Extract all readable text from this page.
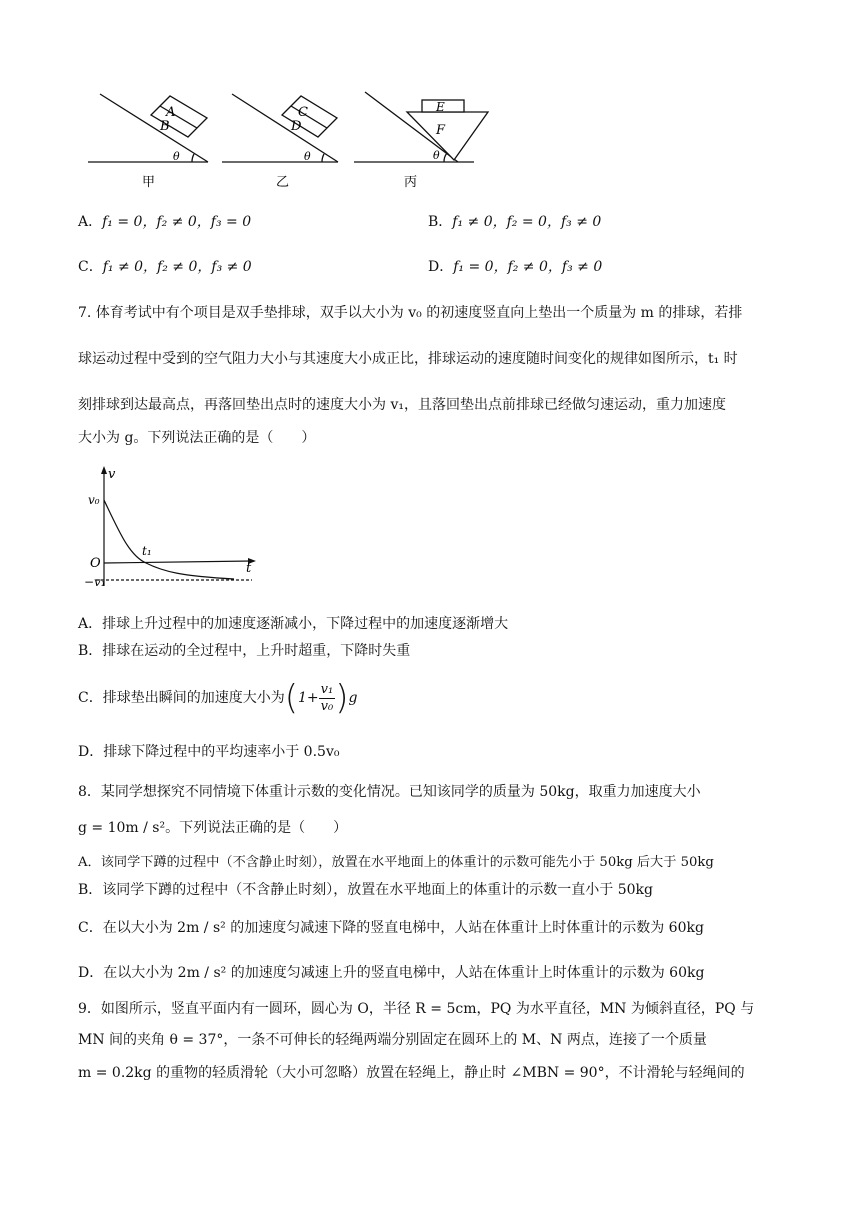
A
B
θ
C
D
θ
E
F
θ
甲	乙	丙
A．f₁ = 0，f₂ ≠ 0，f₃ = 0	B．f₁ ≠ 0，f₂ = 0，f₃ ≠ 0
C．f₁ ≠ 0，f₂ ≠ 0，f₃ ≠ 0	D．f₁ = 0，f₂ ≠ 0，f₃ ≠ 0
7. 体育考试中有个项目是双手垫排球，双手以大小为 v₀ 的初速度竖直向上垫出一个质量为 m 的排球，若排
球运动过程中受到的空气阻力大小与其速度大小成正比，排球运动的速度随时间变化的规律如图所示，t₁ 时
刻排球到达最高点，再落回垫出点时的速度大小为 v₁，且落回垫出点前排球已经做匀速运动，重力加速度
大小为 g。下列说法正确的是（　　）
v
t
v₀
O
t₁
−v₁
A．排球上升过程中的加速度逐渐减小，下降过程中的加速度逐渐增大
B．排球在运动的全过程中，上升时超重，下降时失重
C．排球垫出瞬间的加速度大小为 ( $1+ \frac{\text{v₁}}{\text{v₀}}$ ) g
D．排球下降过程中的平均速率小于 0.5v₀
8．某同学想探究不同情境下体重计示数的变化情况。已知该同学的质量为 50kg，取重力加速度大小
g = 10m / s²。下列说法正确的是（　　）
A．该同学下蹲的过程中（不含静止时刻），放置在水平地面上的体重计的示数可能先小于 50kg 后大于 50kg
B．该同学下蹲的过程中（不含静止时刻），放置在水平地面上的体重计的示数一直小于 50kg
C．在以大小为 2m / s² 的加速度匀减速下降的竖直电梯中，人站在体重计上时体重计的示数为 60kg
D．在以大小为 2m / s² 的加速度匀减速上升的竖直电梯中，人站在体重计上时体重计的示数为 60kg
9．如图所示，竖直平面内有一圆环，圆心为 O，半径 R = 5cm，PQ 为水平直径，MN 为倾斜直径，PQ 与
MN 间的夹角 θ = 37°，一条不可伸长的轻绳两端分别固定在圆环上的 M、N 两点，连接了一个质量
m = 0.2kg 的重物的轻质滑轮（大小可忽略）放置在轻绳上，静止时 ∠MBN = 90°，不计滑轮与轻绳间的
